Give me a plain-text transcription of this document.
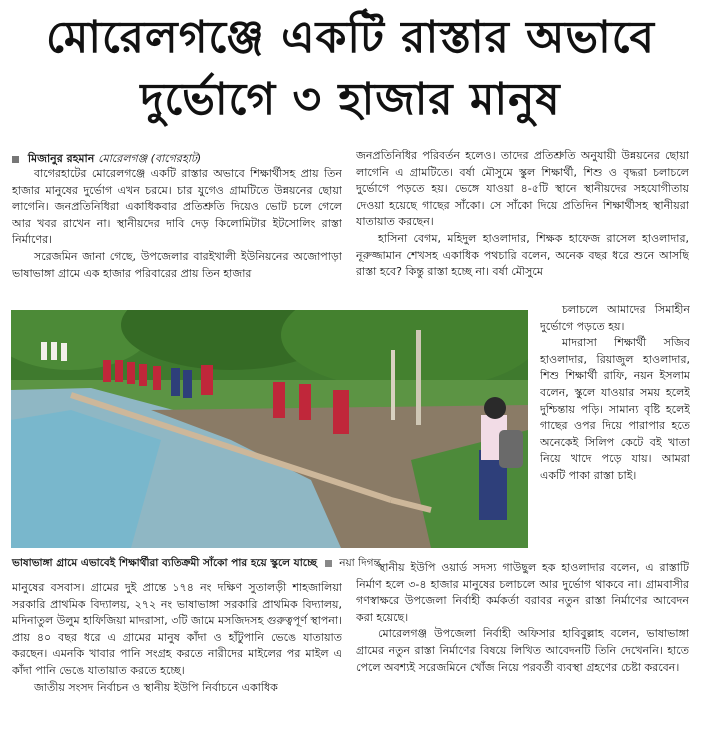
মোরেলগঞ্জে একটি রাস্তার অভাবে
দুর্ভোগে ৩ হাজার মানুষ
মিজানুর রহমান মোরেলগঞ্জ (বাগেরহাট)

বাগেরহাটের মোরেলগঞ্জে একটি রাস্তার অভাবে শিক্ষার্থীসহ প্রায় তিন হাজার মানুষের দুর্ভোগ এখন চরমে। চার যুগেও গ্রামটিতে উন্নয়নের ছোয়া লাগেনি। জনপ্রতিনিধিরা একাধিকবার প্রতিশ্রুতি দিয়েও ভোট চলে গেলে আর খবর রাখেন না। স্থানীয়দের দাবি দেড় কিলোমিটার ইটসোলিং রাস্তা নির্মাণের।

সরেজমিন জানা গেছে, উপজেলার বারইখালী ইউনিয়নের অজোপাড়া ভাষাভাঙ্গা গ্রামে এক হাজার পরিবারের প্রায় তিন হাজার

জনপ্রতিনিধির পরিবর্তন হলেও। তাদের প্রতিশ্রুতি অনুযায়ী উন্নয়নের ছোয়া লাগেনি এ গ্রামটিতে। বর্ষা মৌসুমে স্কুল শিক্ষার্থী, শিশু ও বৃদ্ধরা চলাচলে দুর্ভোগে পড়তে হয়। ভেঙ্গে যাওয়া ৪-৫টি স্থানে স্থানীয়দের সহযোগীতায় দেওয়া হয়েছে গাছের সাঁকো। সে সাঁকো দিয়ে প্রতিদিন শিক্ষার্থীসহ স্থানীয়রা যাতায়াত করছেন।

হাসিনা বেগম, মহিদুল হাওলাদার, শিক্ষক হাফেজ রাসেল হাওলাদার, নূরুজ্জামান শেখসহ একাধিক পথচারি বলেন, অনেক বছর ধরে শুনে আসছি রাস্তা হবে? কিন্তু রাস্তা হচ্ছে না। বর্ষা মৌসুমে

চলাচলে আমাদের সিমাহীন দুর্ভোগে পড়তে হয়।

মাদরাসা শিক্ষার্থী সজিব হাওলাদার, রিয়াজুল হাওলাদার, শিশু শিক্ষার্থী রাফি, নয়ন ইসলাম বলেন, স্কুলে যাওয়ার সময় হলেই দুশ্চিন্তায় পড়ি। সামান্য বৃষ্টি হলেই গাছের ওপর দিয়ে পারাপার হতে অনেকেই সিলিপ কেটে বই খাতা নিয়ে খাদে পড়ে যায়। আমরা একটি পাকা রাস্তা চাই।

ভাষাভাঙ্গা গ্রামে এভাবেই শিক্ষার্থীরা ব্যতিক্রমী সাঁকো পার হয়ে স্কুলে যাচ্ছে নয়া দিগন্ত

মানুষের বসবাস। গ্রামের দুই প্রান্তে ১৭৪ নং দক্ষিণ সুতালড়ী শাহজালিয়া সরকারি প্রাথমিক বিদ্যালয়, ২৭২ নং ভাষাভাঙ্গা সরকারি প্রাথমিক বিদ্যালয়, মদিনাতুল উলুম হাফিজিয়া মাদরাসা, ৩টি জামে মসজিদসহ গুরুত্বপূর্ণ স্থাপনা। প্রায় ৪০ বছর ধরে এ গ্রামের মানুষ কাঁদা ও হাঁটুপানি ভেঙে যাতায়াত করছেন। এমনকি খাবার পানি সংগ্রহ করতে নারীদের মাইলের পর মাইল এ কাঁদা পানি ভেঙে যাতায়াত করতে হচ্ছে।

জাতীয় সংসদ নির্বাচন ও স্থানীয় ইউপি নির্বাচনে একাধিক

স্থানীয় ইউপি ওয়ার্ড সদস্য গাউছুল হক হাওলাদার বলেন, এ রাস্তাটি নির্মাণ হলে ৩-৪ হাজার মানুষের চলাচলে আর দুর্ভোগ থাকবে না। গ্রামবাসীর গণস্বাক্ষরে উপজেলা নির্বাহী কর্মকর্তা বরাবর নতুন রাস্তা নির্মাণের আবেদন করা হয়েছে।

মোরেলগঞ্জ উপজেলা নির্বাহী অফিসার হাবিবুল্লাহ বলেন, ভাষাভাঙ্গা গ্রামের নতুন রাস্তা নির্মাণের বিষয়ে লিখিত আবেদনটি তিনি দেখেননি। হাতে পেলে অবশ্যই সরেজমিনে খোঁজ নিয়ে পরবর্তী ব্যবস্থা গ্রহণের চেষ্টা করবেন।
